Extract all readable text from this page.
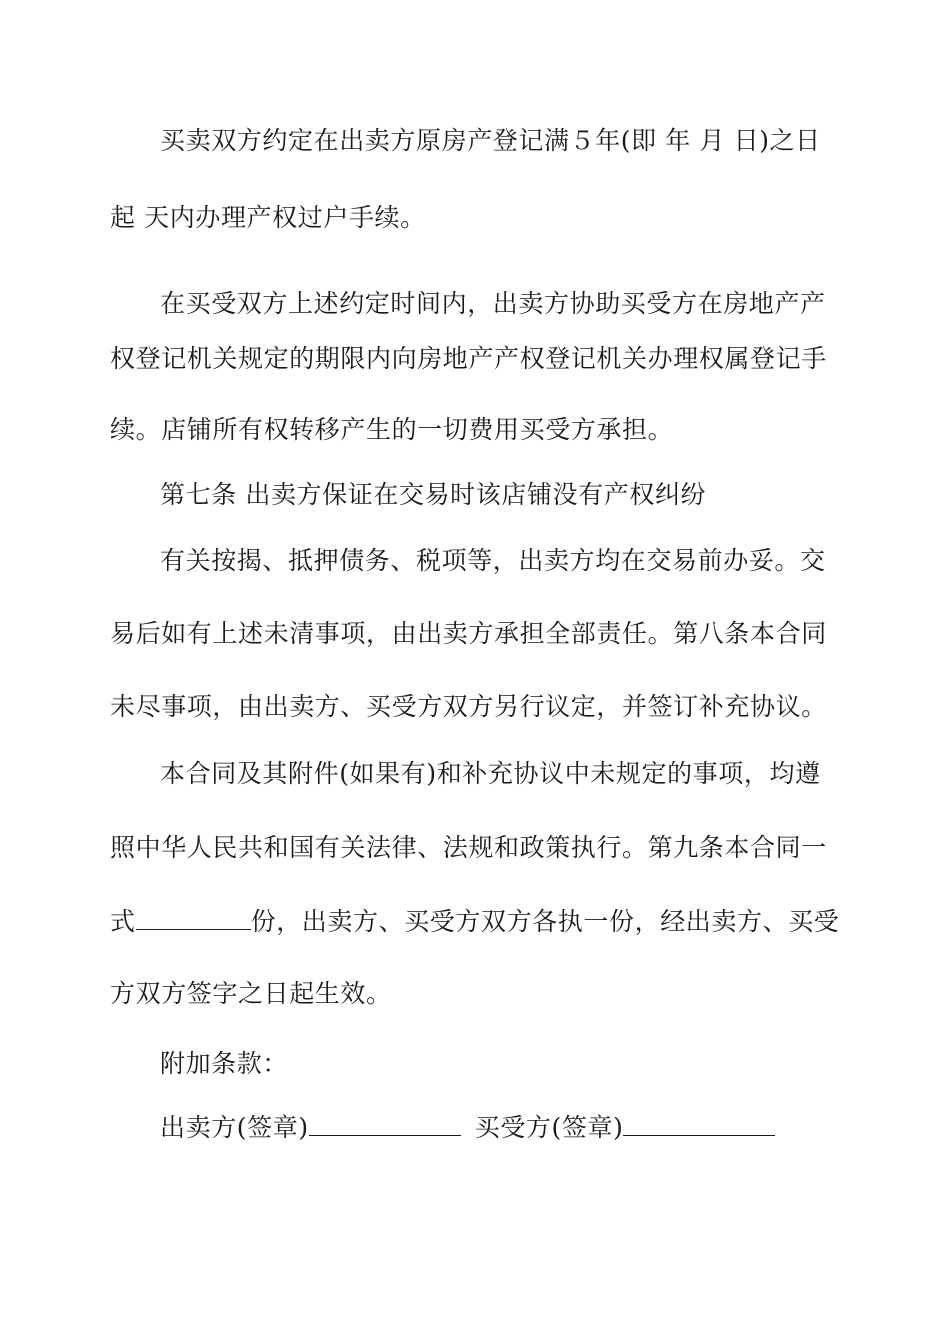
买卖双方约定在出卖方原房产登记满５年(即 年 月 日)之日
起 天内办理产权过户手续。
在买受双方上述约定时间内，出卖方协助买受方在房地产产
权登记机关规定的期限内向房地产产权登记机关办理权属登记手
续。店铺所有权转移产生的一切费用买受方承担。
第七条 出卖方保证在交易时该店铺没有产权纠纷
有关按揭、抵押债务、税项等，出卖方均在交易前办妥。交
易后如有上述未清事项，由出卖方承担全部责任。第八条本合同
未尽事项，由出卖方、买受方双方另行议定，并签订补充协议。
本合同及其附件(如果有)和补充协议中未规定的事项，均遵
照中华人民共和国有关法律、法规和政策执行。第九条本合同一
式	份，出卖方、买受方双方各执一份，经出卖方、买受
方双方签字之日起生效。
附加条款：
出卖方(签章)	买受方(签章)
